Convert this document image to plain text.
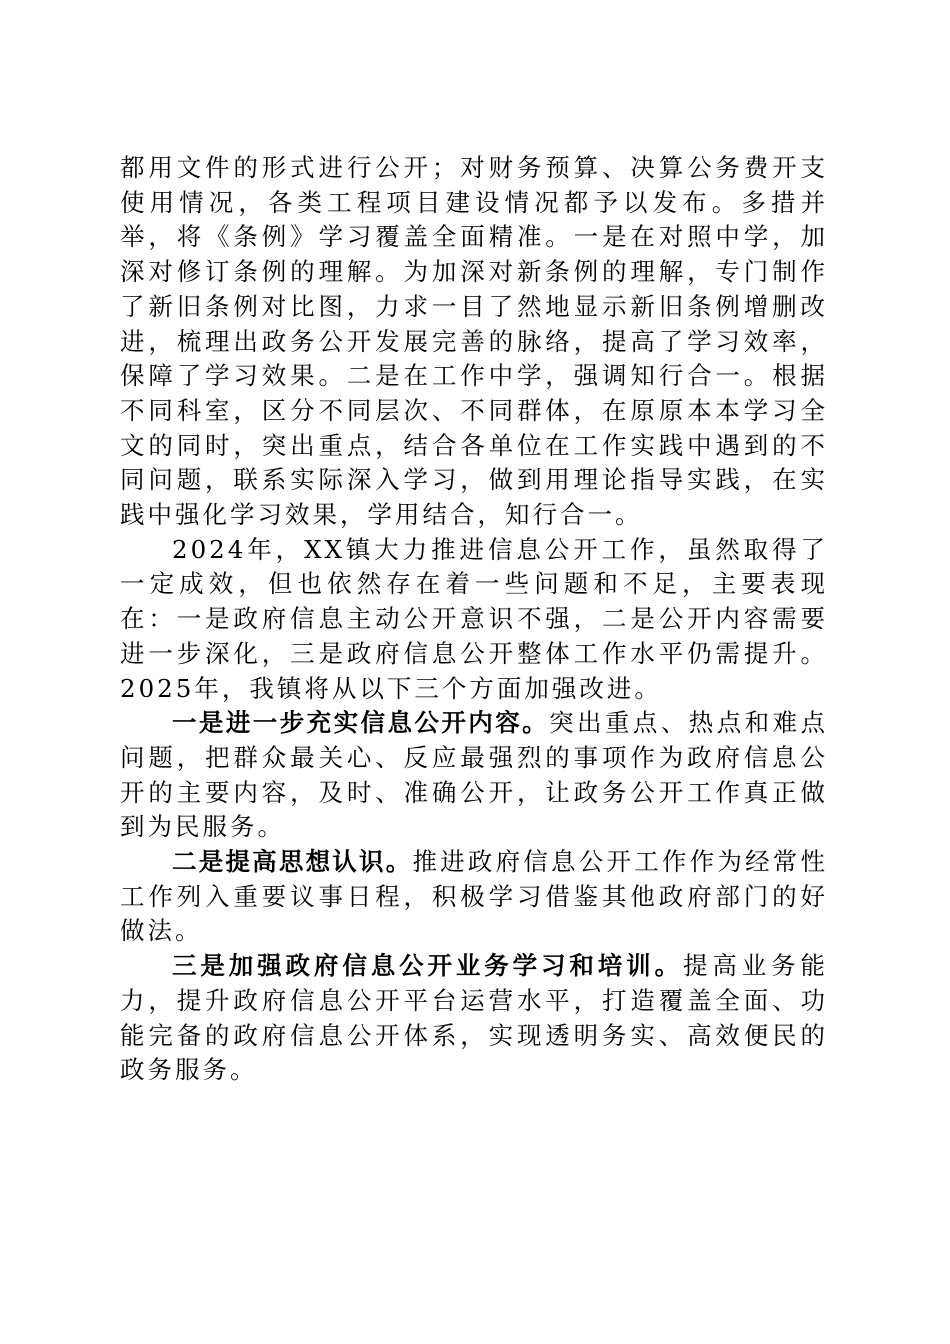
都用文件的形式进行公开；对财务预算、决算公务费开支使用情况，各类工程项目建设情况都予以发布。多措并举，将《条例》学习覆盖全面精准。一是在对照中学，加深对修订条例的理解。为加深对新条例的理解，专门制作了新旧条例对比图，力求一目了然地显示新旧条例增删改进，梳理出政务公开发展完善的脉络，提高了学习效率，保障了学习效果。二是在工作中学，强调知行合一。根据不同科室，区分不同层次、不同群体，在原原本本学习全文的同时，突出重点，结合各单位在工作实践中遇到的不同问题，联系实际深入学习，做到用理论指导实践，在实践中强化学习效果，学用结合，知行合一。

2024年，XX镇大力推进信息公开工作，虽然取得了一定成效，但也依然存在着一些问题和不足，主要表现在：一是政府信息主动公开意识不强，二是公开内容需要进一步深化，三是政府信息公开整体工作水平仍需提升。2025年，我镇将从以下三个方面加强改进。

一是进一步充实信息公开内容。突出重点、热点和难点问题，把群众最关心、反应最强烈的事项作为政府信息公开的主要内容，及时、准确公开，让政务公开工作真正做到为民服务。

二是提高思想认识。推进政府信息公开工作作为经常性工作列入重要议事日程，积极学习借鉴其他政府部门的好做法。

三是加强政府信息公开业务学习和培训。提高业务能力，提升政府信息公开平台运营水平，打造覆盖全面、功能完备的政府信息公开体系，实现透明务实、高效便民的政务服务。
